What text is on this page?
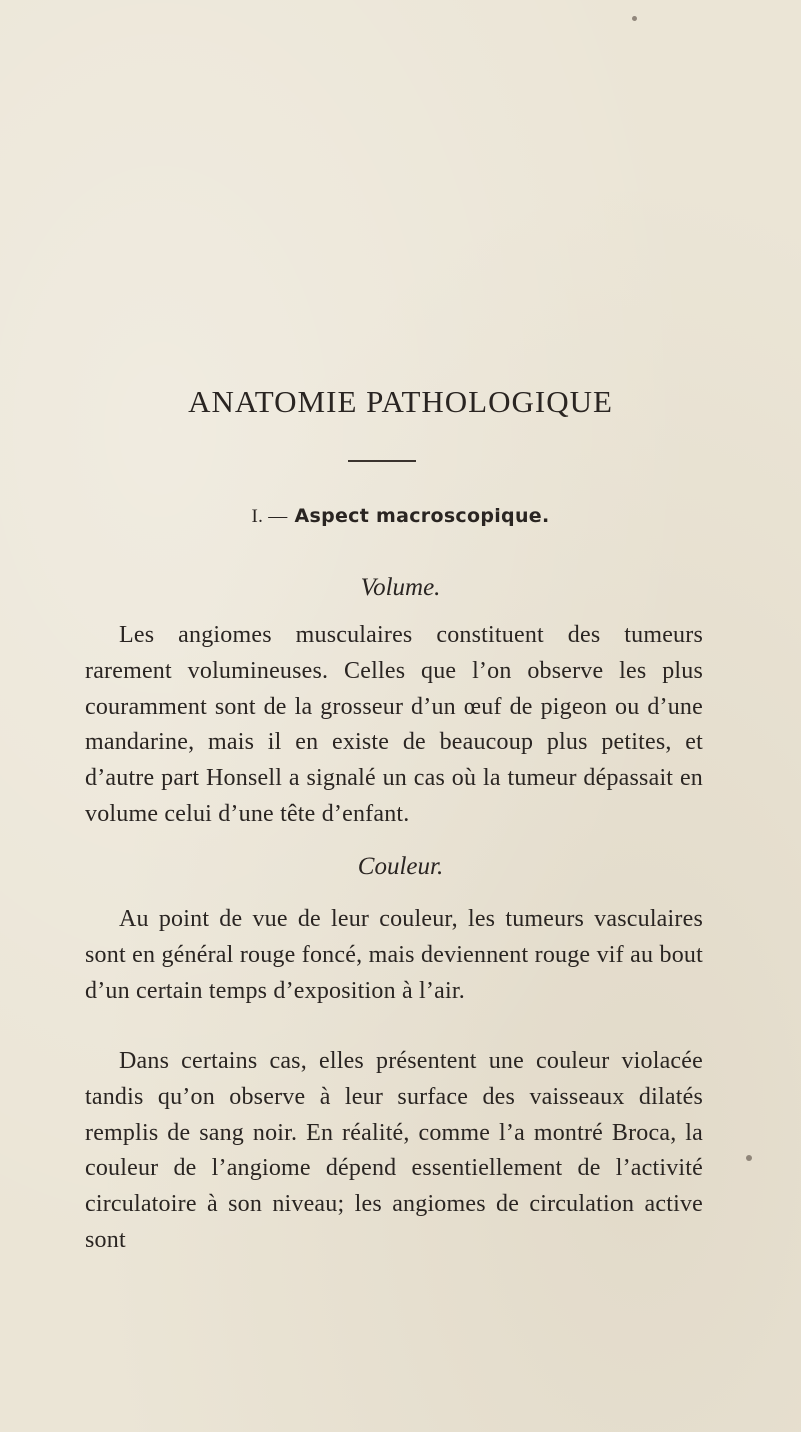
ANATOMIE PATHOLOGIQUE
I. — Aspect macroscopique.
Volume.

Les angiomes musculaires constituent des tumeurs rarement volumineuses. Celles que l’on observe les plus couramment sont de la grosseur d’un œuf de pigeon ou d’une mandarine, mais il en existe de beaucoup plus petites, et d’autre part Honsell a signalé un cas où la tumeur dépassait en volume celui d’une tête d’enfant.

Couleur.

Au point de vue de leur couleur, les tumeurs vasculaires sont en général rouge foncé, mais deviennent rouge vif au bout d’un certain temps d’exposition à l’air.

Dans certains cas, elles présentent une couleur violacée tandis qu’on observe à leur surface des vaisseaux dilatés remplis de sang noir. En réalité, comme l’a montré Broca, la couleur de l’angiome dépend essentiellement de l’activité circulatoire à son niveau; les angiomes de circulation active sont
